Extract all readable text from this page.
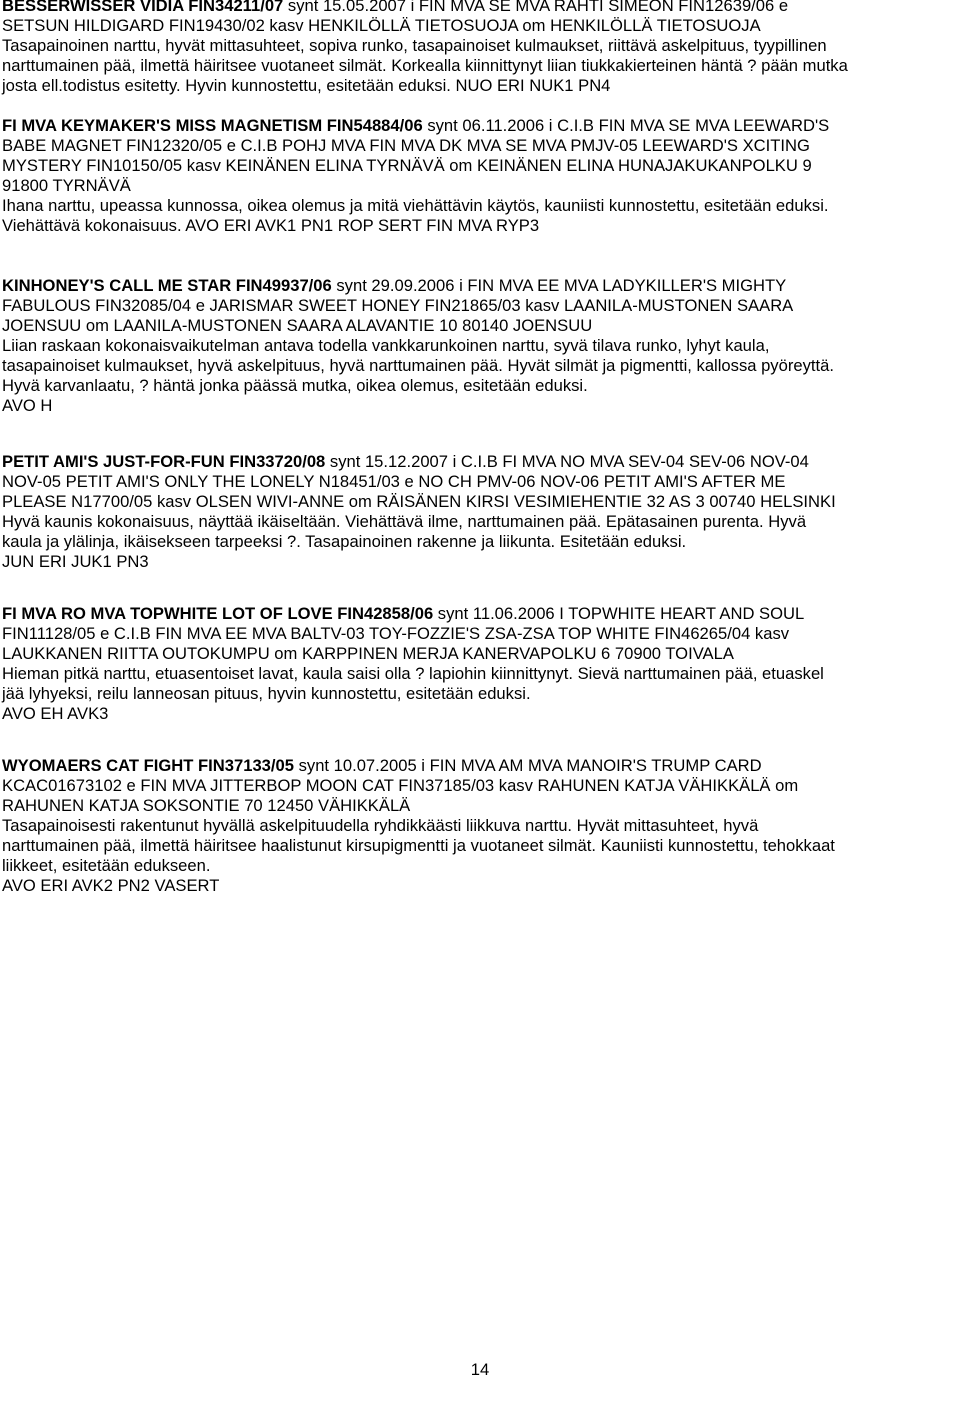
BESSERWISSER VIDIA FIN34211/07 synt 15.05.2007 i FIN MVA SE MVA RAHTI SIMEON FIN12639/06 e
SETSUN HILDIGARD FIN19430/02 kasv HENKILÖLLÄ TIETOSUOJA om HENKILÖLLÄ TIETOSUOJA
Tasapainoinen narttu, hyvät mittasuhteet, sopiva runko, tasapainoiset kulmaukset, riittävä askelpituus, tyypillinen
narttumainen pää, ilmettä häiritsee vuotaneet silmät. Korkealla kiinnittynyt liian tiukkakierteinen häntä ? pään mutka
josta ell.todistus esitetty. Hyvin kunnostettu, esitetään eduksi. NUO ERI NUK1 PN4
FI MVA KEYMAKER'S MISS MAGNETISM FIN54884/06 synt 06.11.2006 i C.I.B FIN MVA SE MVA LEEWARD'S
BABE MAGNET FIN12320/05 e C.I.B POHJ MVA FIN MVA DK MVA SE MVA PMJV-05 LEEWARD'S XCITING
MYSTERY FIN10150/05 kasv KEINÄNEN ELINA TYRNÄVÄ om KEINÄNEN ELINA HUNAJAKUKANPOLKU 9
91800 TYRNÄVÄ
Ihana narttu, upeassa kunnossa, oikea olemus ja mitä viehättävin käytös, kauniisti kunnostettu, esitetään eduksi.
Viehättävä kokonaisuus. AVO ERI AVK1 PN1 ROP SERT FIN MVA RYP3
KINHONEY'S CALL ME STAR FIN49937/06 synt 29.09.2006 i FIN MVA EE MVA LADYKILLER'S MIGHTY
FABULOUS FIN32085/04 e JARISMAR SWEET HONEY FIN21865/03 kasv LAANILA-MUSTONEN SAARA
JOENSUU om LAANILA-MUSTONEN SAARA ALAVANTIE 10 80140 JOENSUU
Liian raskaan kokonaisvaikutelman antava todella vankkarunkoinen narttu, syvä tilava runko, lyhyt kaula,
tasapainoiset kulmaukset, hyvä askelpituus, hyvä narttumainen pää. Hyvät silmät ja pigmentti, kallossa pyöreyttä.
Hyvä karvanlaatu, ? häntä jonka päässä mutka, oikea olemus, esitetään eduksi.
AVO H
PETIT AMI'S JUST-FOR-FUN FIN33720/08 synt 15.12.2007 i C.I.B FI MVA NO MVA SEV-04 SEV-06 NOV-04
NOV-05 PETIT AMI'S ONLY THE LONELY N18451/03 e NO CH PMV-06 NOV-06 PETIT AMI'S AFTER ME
PLEASE N17700/05 kasv OLSEN WIVI-ANNE om RÄISÄNEN KIRSI VESIMIEHENTIE 32 AS 3 00740 HELSINKI
Hyvä kaunis kokonaisuus, näyttää ikäiseltään. Viehättävä ilme, narttumainen pää. Epätasainen purenta. Hyvä
kaula ja ylälinja, ikäisekseen tarpeeksi ?. Tasapainoinen rakenne ja liikunta. Esitetään eduksi.
JUN ERI JUK1 PN3
FI MVA RO MVA TOPWHITE LOT OF LOVE FIN42858/06 synt 11.06.2006 I TOPWHITE HEART AND SOUL
FIN11128/05 e C.I.B FIN MVA EE MVA BALTV-03 TOY-FOZZIE'S ZSA-ZSA TOP WHITE FIN46265/04 kasv
LAUKKANEN RIITTA OUTOKUMPU om KARPPINEN MERJA KANERVAPOLKU 6 70900 TOIVALA
Hieman pitkä narttu, etuasentoiset lavat, kaula saisi olla ? lapiohin kiinnittynyt. Sievä narttumainen pää, etuaskel
jää lyhyeksi, reilu lanneosan pituus, hyvin kunnostettu, esitetään eduksi.
AVO EH AVK3
WYOMAERS CAT FIGHT FIN37133/05 synt 10.07.2005 i FIN MVA AM MVA MANOIR'S TRUMP CARD
KCAC01673102 e FIN MVA JITTERBOP MOON CAT FIN37185/03 kasv RAHUNEN KATJA VÄHIKKÄLÄ om
RAHUNEN KATJA SOKSONTIE 70 12450 VÄHIKKÄLÄ
Tasapainoisesti rakentunut hyvällä askelpituudella ryhdikkäästi liikkuva narttu. Hyvät mittasuhteet, hyvä
narttumainen pää, ilmettä häiritsee haalistunut kirsupigmentti ja vuotaneet silmät. Kauniisti kunnostettu, tehokkaat
liikkeet, esitetään edukseen.
AVO ERI AVK2 PN2 VASERT
14
